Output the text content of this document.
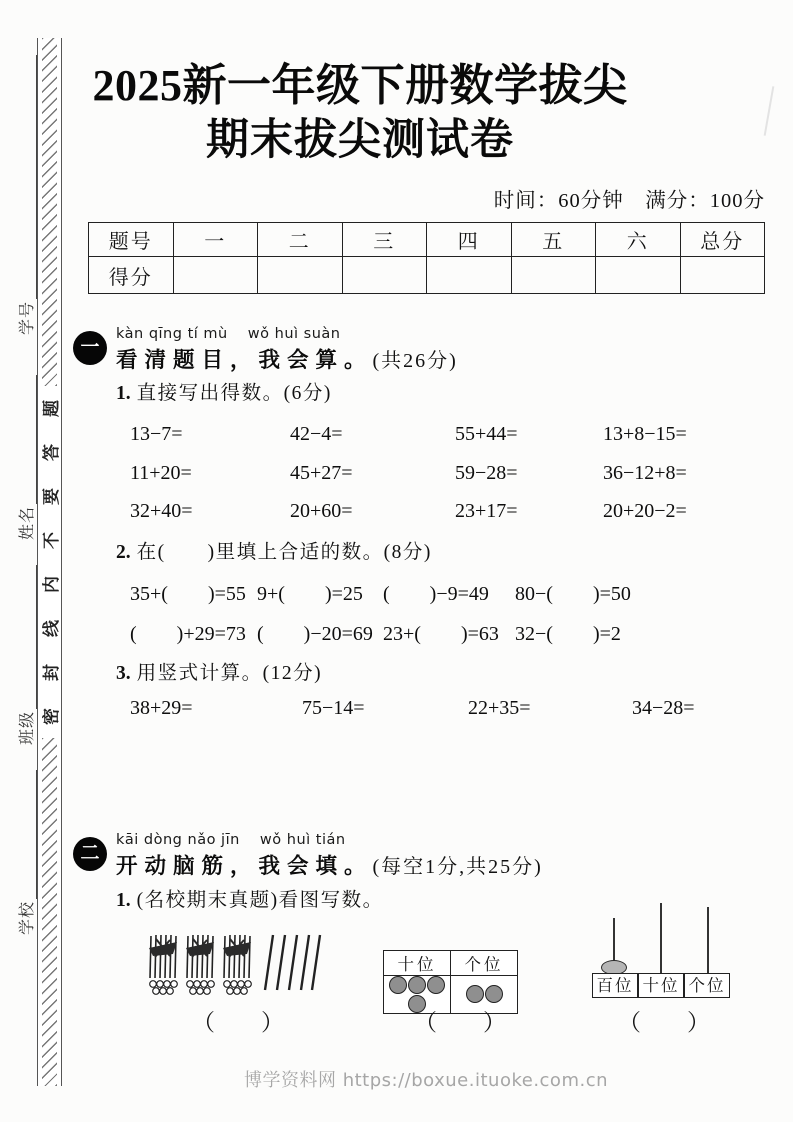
学号
姓名
班级
学校
题
答
要
不
内
线
封
密
2025新一年级下册数学拔尖
期末拔尖测试卷
时间：60分钟　满分：100分
题号	一	二	三	四	五	六	总分
得分							
一
kàn qīng tí mù　 wǒ huì suàn
看清题目，我会算。(共26分)
1. 直接写出得数。(6分)
13−7=	42−4=	55+44=	13+8−15=
11+20=	45+27=	59−28=	36−12+8=
32+40=	20+60=	23+17=	20+20−2=
2. 在(　　)里填上合适的数。(8分)
35+(　　)=55 9+(　　)=25	(　　)−9=49	80−(　　)=50
(　　)+29=73 (　　)−20=69 23+(　　)=63 32−(　　)=2
3. 用竖式计算。(12分)
38+29=	75−14=	22+35=	34−28=
二
kāi dòng nǎo jīn　 wǒ huì tián
开动脑筋，我会填。(每空1分,共25分)
1. (名校期末真题)看图写数。
（　　）
十位	个位

（　　）
百位 十位 个位
（　　）
博学资料网 https://boxue.ituoke.com.cn
